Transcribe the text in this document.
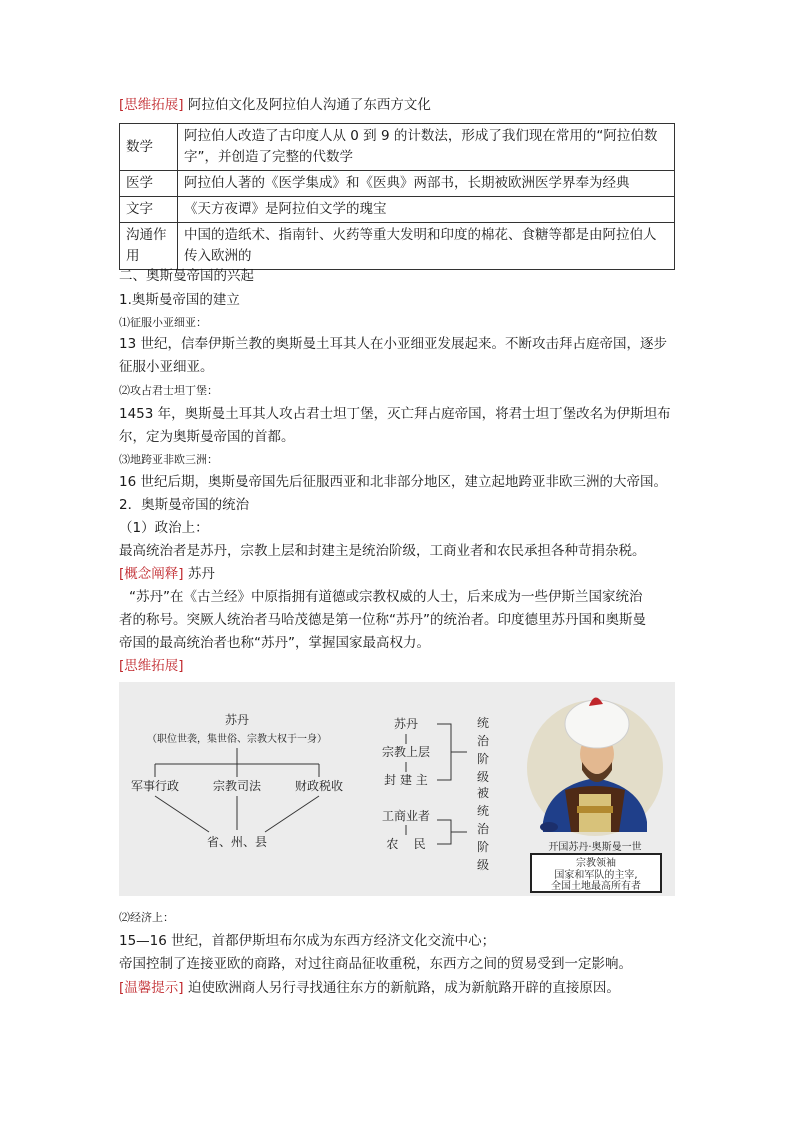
[思维拓展] 阿拉伯文化及阿拉伯人沟通了东西方文化
数学	阿拉伯人改造了古印度人从 0 到 9 的计数法，形成了我们现在常用的“阿拉伯数字”，并创造了完整的代数学
医学	阿拉伯人著的《医学集成》和《医典》两部书，长期被欧洲医学界奉为经典
文字	《天方夜谭》是阿拉伯文学的瑰宝
沟通作用	中国的造纸术、指南针、火药等重大发明和印度的棉花、食糖等都是由阿拉伯人传入欧洲的
二、奥斯曼帝国的兴起
1.奥斯曼帝国的建立
⑴征服小亚细亚：
13 世纪，信奉伊斯兰教的奥斯曼土耳其人在小亚细亚发展起来。不断攻击拜占庭帝国，逐步
征服小亚细亚。
⑵攻占君士坦丁堡：
1453 年，奥斯曼土耳其人攻占君士坦丁堡，灭亡拜占庭帝国，将君士坦丁堡改名为伊斯坦布
尔，定为奥斯曼帝国的首都。
⑶地跨亚非欧三洲：
16 世纪后期，奥斯曼帝国先后征服西亚和北非部分地区，建立起地跨亚非欧三洲的大帝国。
2．奥斯曼帝国的统治
（1）政治上：
最高统治者是苏丹，宗教上层和封建主是统治阶级，工商业者和农民承担各种苛捐杂税。
[概念阐释] 苏丹
“苏丹”在《古兰经》中原指拥有道德或宗教权威的人士，后来成为一些伊斯兰国家统治
者的称号。突厥人统治者马哈茂德是第一位称“苏丹”的统治者。印度德里苏丹国和奥斯曼
帝国的最高统治者也称“苏丹”，掌握国家最高权力。
[思维拓展]
苏丹
（职位世袭，集世俗、宗教大权于一身）
军事行政	宗教司法	财政税收
省、州、县
苏丹
宗教上层
封 建 主
统
治
阶
级
工商业者
农    民
被
统
治
阶
级
开国苏丹·奥斯曼一世
宗教领袖
国家和军队的主宰,
全国土地最高所有者
⑵经济上：
15—16 世纪，首都伊斯坦布尔成为东西方经济文化交流中心；
帝国控制了连接亚欧的商路，对过往商品征收重税，东西方之间的贸易受到一定影响。
[温馨提示] 迫使欧洲商人另行寻找通往东方的新航路，成为新航路开辟的直接原因。
